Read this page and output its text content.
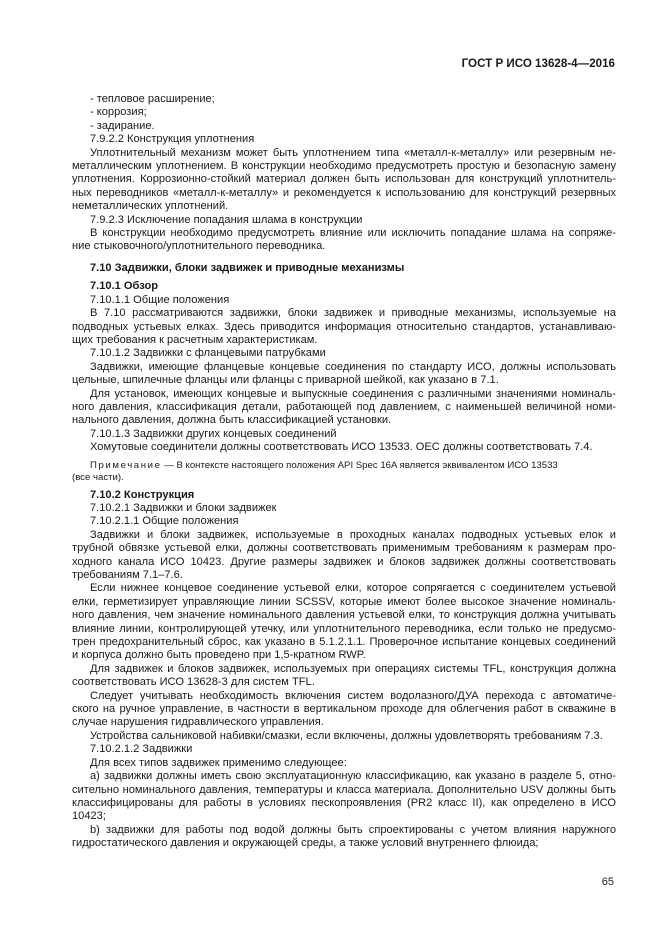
ГОСТ Р ИСО 13628-4—2016
- тепловое расширение;
- коррозия;
- задирание.
7.9.2.2 Конструкция уплотнения
Уплотнительный механизм может быть уплотнением типа «металл-к-металлу» или резервным не-
металлическим уплотнением. В конструкции необходимо предусмотреть простую и безопасную замену
уплотнения. Коррозионно-стойкий материал должен быть использован для конструкций уплотнитель-
ных переводников «металл-к-металлу» и рекомендуется к использованию для конструкций резервных
неметаллических уплотнений.
7.9.2.3 Исключение попадания шлама в конструкции
В конструкции необходимо предусмотреть влияние или исключить попадание шлама на сопряже-
ние стыковочного/уплотнительного переводника.
7.10 Задвижки, блоки задвижек и приводные механизмы
7.10.1 Обзор
7.10.1.1 Общие положения
В 7.10 рассматриваются задвижки, блоки задвижек и приводные механизмы, используемые на
подводных устьевых елках. Здесь приводится информация относительно стандартов, устанавливаю-
щих требования к расчетным характеристикам.
7.10.1.2 Задвижки с фланцевыми патрубками
Задвижки, имеющие фланцевые концевые соединения по стандарту ИСО, должны использовать
цельные, шпилечные фланцы или фланцы с приварной шейкой, как указано в 7.1.
Для установок, имеющих концевые и выпускные соединения с различными значениями номиналь-
ного давления, классификация детали, работающей под давлением, с наименьшей величиной номи-
нального давления, должна быть классификацией установки.
7.10.1.3 Задвижки других концевых соединений
Хомутовые соединители должны соответствовать ИСО 13533. ОЕС должны соответствовать 7.4.
Примечание — В контексте настоящего положения API Spec 16A является эквивалентом ИСО 13533
(все части).
7.10.2 Конструкция
7.10.2.1 Задвижки и блоки задвижек
7.10.2.1.1 Общие положения
Задвижки и блоки задвижек, используемые в проходных каналах подводных устьевых елок и
трубной обвязке устьевой елки, должны соответствовать применимым требованиям к размерам про-
ходного канала ИСО 10423. Другие размеры задвижек и блоков задвижек должны соответствовать
требованиям 7.1–7.6.
Если нижнее концевое соединение устьевой елки, которое сопрягается с соединителем устьевой
елки, герметизирует управляющие линии SCSSV, которые имеют более высокое значение номиналь-
ного давления, чем значение номинального давления устьевой елки, то конструкция должна учитывать
влияние линии, контролирующей утечку, или уплотнительного переводника, если только не предусмо-
трен предохранительный сброс, как указано в 5.1.2.1.1. Проверочное испытание концевых соединений
и корпуса должно быть проведено при 1,5-кратном RWP.
Для задвижек и блоков задвижек, используемых при операциях системы TFL, конструкция должна
соответствовать ИСО 13628-3 для систем TFL.
Следует учитывать необходимость включения систем водолазного/ДУА перехода с автоматиче-
ского на ручное управление, в частности в вертикальном проходе для облегчения работ в скважине в
случае нарушения гидравлического управления.
Устройства сальниковой набивки/смазки, если включены, должны удовлетворять требованиям 7.3.
7.10.2.1.2 Задвижки
Для всех типов задвижек применимо следующее:
a) задвижки должны иметь свою эксплуатационную классификацию, как указано в разделе 5, отно-
сительно номинального давления, температуры и класса материала. Дополнительно USV должны быть
классифицированы для работы в условиях пескопроявления (PR2 класс II), как определено в ИСО 10423;
b) задвижки для работы под водой должны быть спроектированы с учетом влияния наружного
гидростатического давления и окружающей среды, а также условий внутреннего флюида;
65
